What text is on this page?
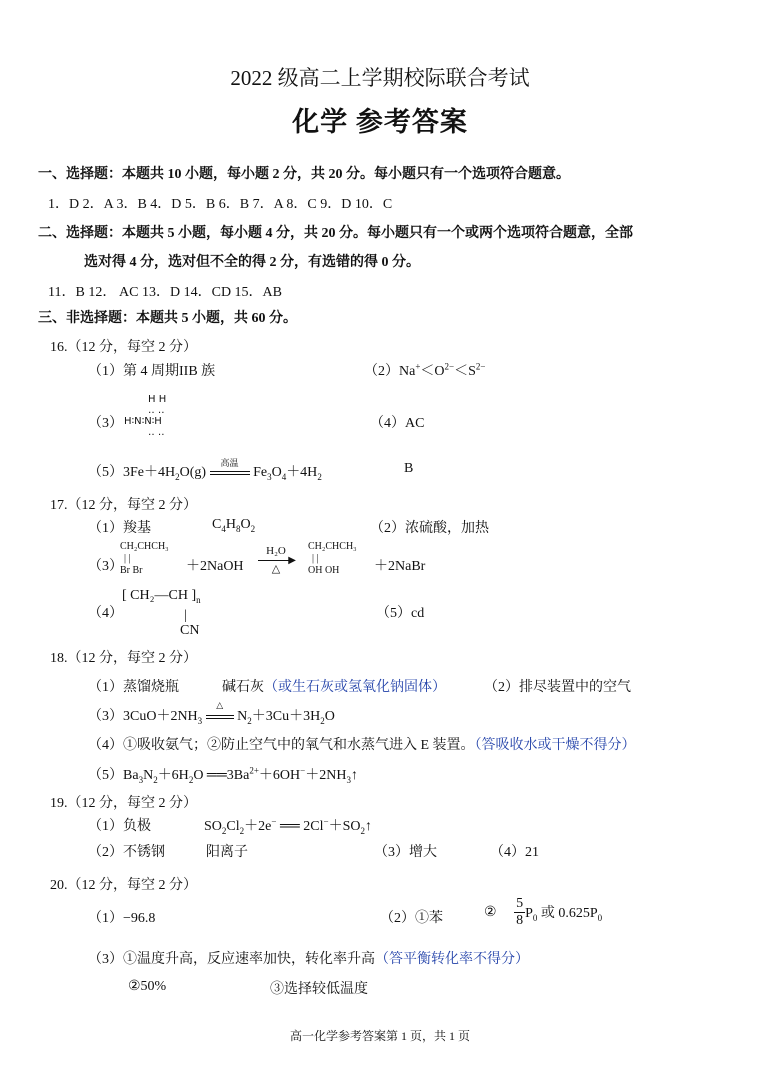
2022 级高二上学期校际联合考试
化学 参考答案
一、选择题：本题共 10 小题，每小题 2 分，共 20 分。每小题只有一个选项符合题意。
1．D 2．A 3．B 4．D 5．B 6．B 7．A 8．C 9．D 10．C
二、选择题：本题共 5 小题，每小题 4 分，共 20 分。每小题只有一个或两个选项符合题意，全部
选对得 4 分，选对但不全的得 2 分，有选错的得 0 分。
11．B 12． AC 13．D 14．CD 15．AB
三、非选择题：本题共 5 小题，共 60 分。
16.（12 分，每空 2 分）
（1）第 4 周期IIB 族	$(2)Na^+<O^{2-}<S^{2-}$
（3）
H H
‥ ‥
H∶N∶N∶H
‥ ‥
（4）AC
$(5)3Fe+4H_2O(g)$
高温
$Fe_3O_4+4H_2$
B
17.（12 分，每空 2 分）
（1）羧基	$C_4H_8O_2$	（2）浓硫酸，加热
（3）
CH₂CHCH₃
| |
Br Br	＋2NaOH
H₂O
▶
△
CH₂CHCH₃
| |
OH OH	＋2NaBr
（4）
[ CH₂—CH ]$_n$
|
CN
（5）cd
18.（12 分，每空 2 分）
（1）蒸馏烧瓶	碱石灰（或生石灰或氢氧化钠固体）	（2）排尽装置中的空气
$(3)3CuO+2NH_3$
△
$N_2+3Cu+3H_2O$
（4）①吸收氨气；②防止空气中的氧气和水蒸气进入 E 装置。（答吸收水或干燥不得分）
$(5)Ba_3N_2+6H_2O$ $══3Ba^{2+}+6OH^-+2NH_3↑$
19.（12 分，每空 2 分）
（1）负极	$SO_2Cl_2+2e^-$ ══ $2Cl^-+SO_2↑$
（2）不锈钢	阳离子	（3）增大	（4）21
20.（12 分，每空 2 分）
（1）−96.8	（2）①苯	② $\frac{5}{8} P_0$ 或 $0.625P_0$
（3）①温度升高，反应速率加快，转化率升高（答平衡转化率不得分）
②50%	③选择较低温度
高一化学参考答案第 1 页，共 1 页
